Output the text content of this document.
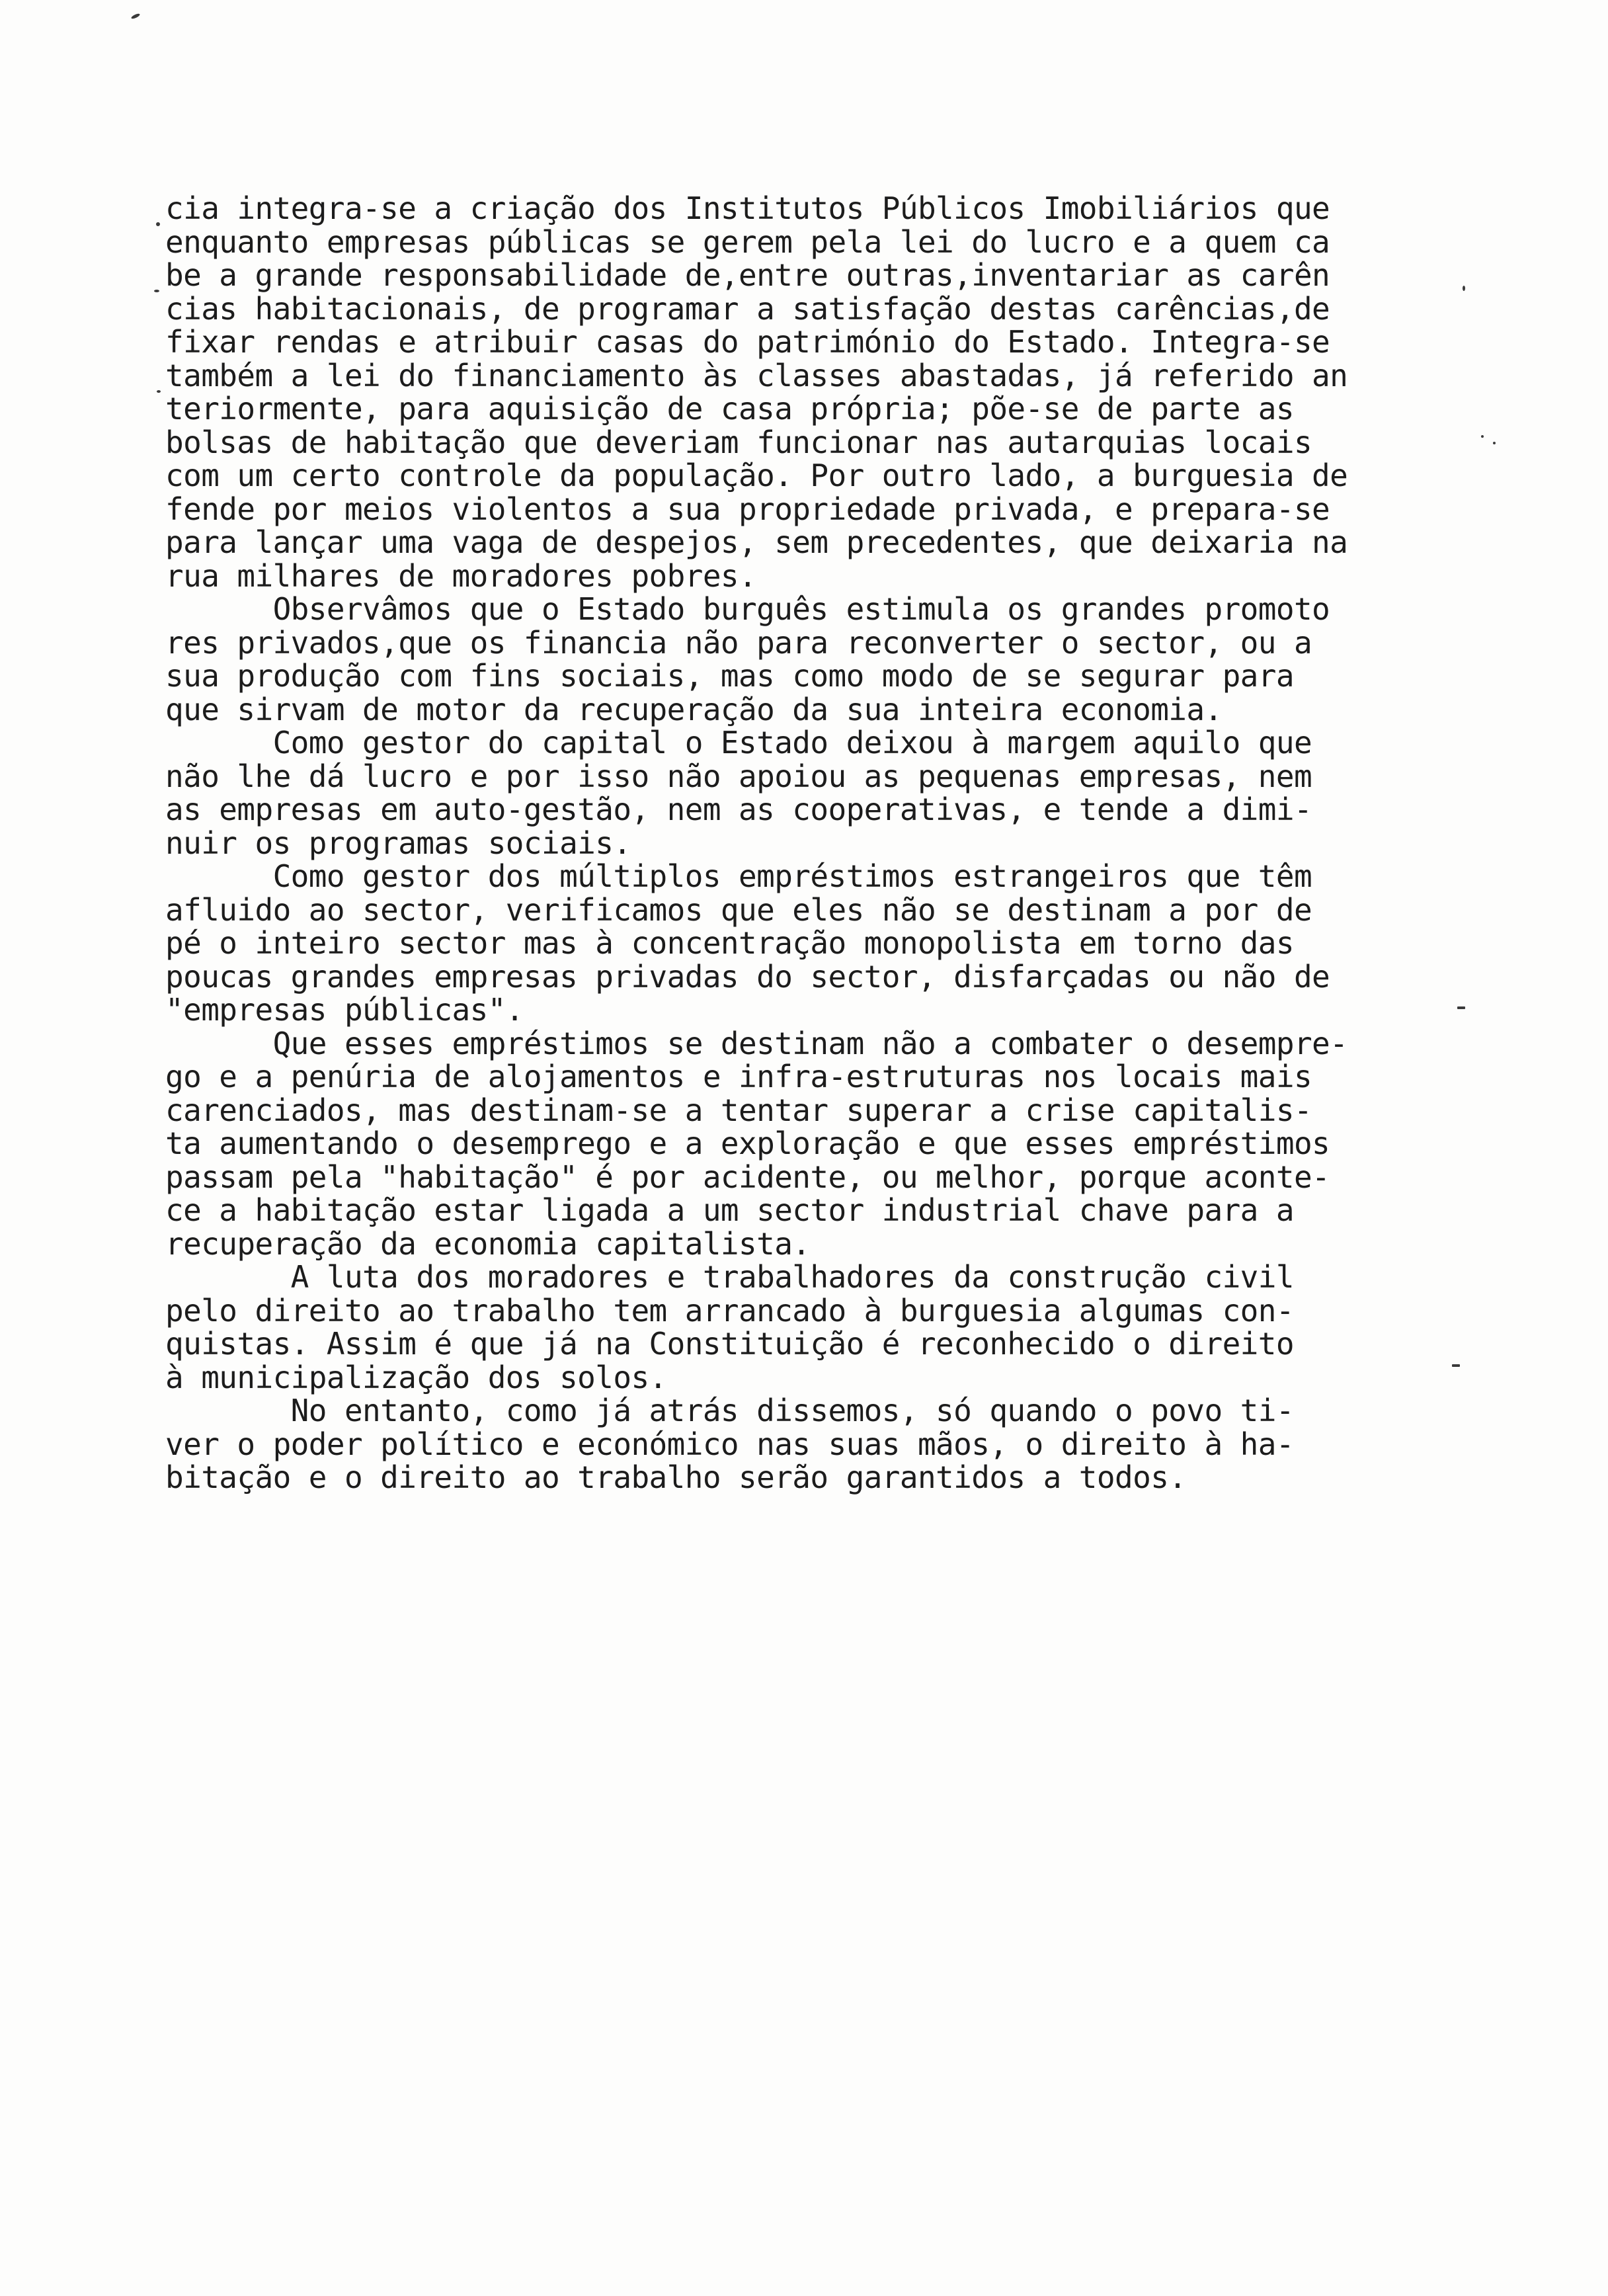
cia integra-se a criação dos Institutos Públicos Imobiliários que
enquanto empresas públicas se gerem pela lei do lucro e a quem ca
be a grande responsabilidade de,entre outras,inventariar as carên
cias habitacionais, de programar a satisfação destas carências,de
fixar rendas e atribuir casas do património do Estado. Integra-se
também a lei do financiamento às classes abastadas, já referido an
teriormente, para aquisição de casa própria; põe-se de parte as
bolsas de habitação que deveriam funcionar nas autarquias locais
com um certo controle da população. Por outro lado, a burguesia de
fende por meios violentos a sua propriedade privada, e prepara-se
para lançar uma vaga de despejos, sem precedentes, que deixaria na
rua milhares de moradores pobres.
Observâmos que o Estado burguês estimula os grandes promoto
res privados,que os financia não para reconverter o sector, ou a
sua produção com fins sociais, mas como modo de se segurar para
que sirvam de motor da recuperação da sua inteira economia.
Como gestor do capital o Estado deixou à margem aquilo que
não lhe dá lucro e por isso não apoiou as pequenas empresas, nem
as empresas em auto-gestão, nem as cooperativas, e tende a dimi-
nuir os programas sociais.
Como gestor dos múltiplos empréstimos estrangeiros que têm
afluido ao sector, verificamos que eles não se destinam a por de
pé o inteiro sector mas à concentração monopolista em torno das
poucas grandes empresas privadas do sector, disfarçadas ou não de
"empresas públicas".
Que esses empréstimos se destinam não a combater o desempre-
go e a penúria de alojamentos e infra-estruturas nos locais mais
carenciados, mas destinam-se a tentar superar a crise capitalis-
ta aumentando o desemprego e a exploração e que esses empréstimos
passam pela "habitação" é por acidente, ou melhor, porque aconte-
ce a habitação estar ligada a um sector industrial chave para a
recuperação da economia capitalista.
A luta dos moradores e trabalhadores da construção civil
pelo direito ao trabalho tem arrancado à burguesia algumas con-
quistas. Assim é que já na Constituição é reconhecido o direito
à municipalização dos solos.
No entanto, como já atrás dissemos, só quando o povo ti-
ver o poder político e económico nas suas mãos, o direito à ha-
bitação e o direito ao trabalho serão garantidos a todos.
